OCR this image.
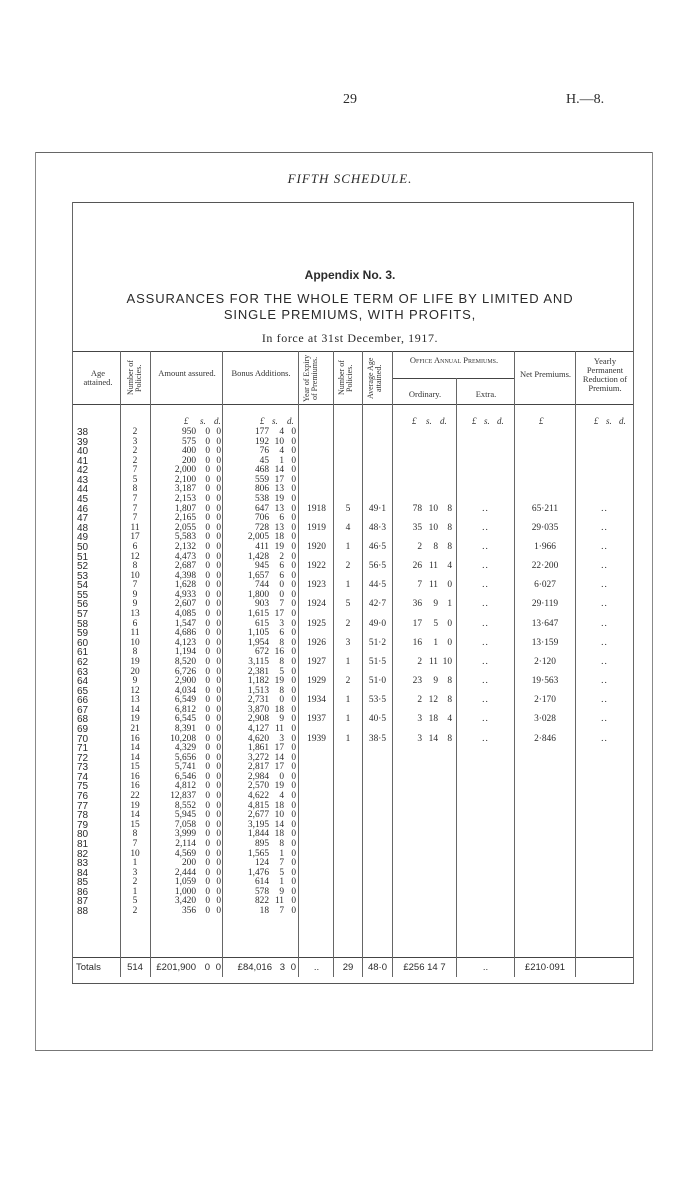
29	H.—8.
FIFTH SCHEDULE.
Appendix No. 3.
ASSURANCES FOR THE WHOLE TERM OF LIFE BY LIMITED AND
SINGLE PREMIUMS, WITH PROFITS,
In force at 31st December, 1917.
Age attained.	Number of Policies.	Amount assured.	Bonus Additions.	Year of Expiry of Premiums.	Number of Policies.	Average Age attained.
Office Annual Premiums.
Ordinary.	Extra.
Net Premiums.
Yearly Permanent Reduction of Premium.
£ s. d.	£ s. d.	£ s. d.	£ s. d.	£	£ s. d.
38	2	950 0 0	177	4 0
39	3	575 0 0	192 10 0
40	2	400 0 0	76	4 0
41	2	200 0 0	45	1 0
42	7	2,000 0 0	468 14 0
43	5	2,100 0 0	559 17 0
44	8	3,187 0 0	806 13 0
45	7	2,153 0 0	538 19 0
46	7	1,807 0 0	647 13 0
47	7	2,165 0 0	706	6 0
48	11	2,055 0 0	728 13 0
49	17	5,583 0 0	2,005 18 0
50	6	2,132 0 0	411 19 0
51	12	4,473 0 0	1,428	2 0
52	8	2,687 0 0	945	6 0
53	10	4,398 0 0	1,657	6 0
54	7	1,628 0 0	744	0 0
55	9	4,933 0 0	1,800	0 0
56	9	2,607 0 0	903	7 0
57	13	4,085 0 0	1,615 17 0
58	6	1,547 0 0	615	3 0
59	11	4,686 0 0	1,105	6 0
60	10	4,123 0 0	1,954	8 0
61	8	1,194 0 0	672 16 0
62	19	8,520 0 0	3,115	8 0
63	20	6,726 0 0	2,381	5 0
64	9	2,900 0 0	1,182 19 0
65	12	4,034 0 0	1,513	8 0
66	13	6,549 0 0	2,731	0 0
67	14	6,812 0 0	3,870 18 0
68	19	6,545 0 0	2,908	9 0
69	21	8,391 0 0	4,127 11 0
70	16	10,208 0 0	4,620	3 0
71	14	4,329 0 0	1,861 17 0
72	14	5,656 0 0	3,272 14 0
73	15	5,741 0 0	2,817 17 0
74	16	6,546 0 0	2,984	0 0
75	16	4,812 0 0	2,570 19 0
76	22	12,837 0 0	4,622	4 0
77	19	8,552 0 0	4,815 18 0
78	14	5,945 0 0	2,677 10 0
79	15	7,058 0 0	3,195 14 0
80	8	3,999 0 0	1,844 18 0
81	7	2,114 0 0	895	8 0
82	10	4,569 0 0	1,565	1 0
83	1	200 0 0	124	7 0
84	3	2,444 0 0	1,476	5 0
85	2	1,059 0 0	614	1 0
86	1	1,000 0 0	578	9 0
87	5	3,420 0 0	822 11 0
88	2	356 0 0	18	7 0
1918	5	49·1	78 10 8	..	65·211	..
1919	4	48·3	35 10 8	..	29·035	..
1920	1	46·5	2	8 8	..	1·966	..
1922	2	56·5	26 11 4	..	22·200	..
1923	1	44·5	7 11 0	..	6·027	..
1924	5	42·7	36	9 1	..	29·119	..
1925	2	49·0	17	5 0	..	13·647	..
1926	3	51·2	16	1 0	..	13·159	..
1927	1	51·5	2 11 10	..	2·120	..
1929	2	51·0	23	9 8	..	19·563	..
1934	1	53·5	2 12 8	..	2·170	..
1937	1	40·5	3 18 4	..	3·028	..
1939	1	38·5	3 14 8	..	2·846	..
Totals	514	£201,900 0 0	£84,016 3 0	..	29	48·0	£256 14 7	..	£210·091
